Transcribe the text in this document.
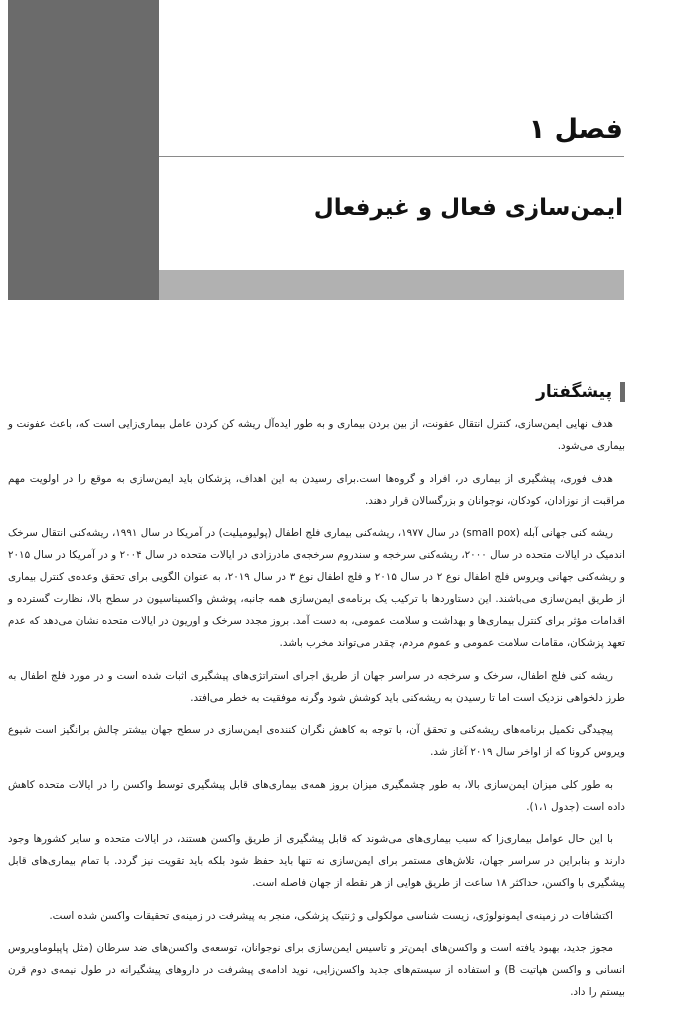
فصل ۱
ایمن‌سازی فعال و غیرفعال
پیشگفتار

هدف نهایی ایمن‌سازی، کنترل انتقال عفونت، از بین بردن بیماری و به طور ایده‌آل ریشه کن کردن عامل بیماری‌زایی است که، باعث عفونت و بیماری می‌شود.

هدف فوری، پیشگیری از بیماری در، افراد و گروه‌ها است.برای رسیدن به این اهداف، پزشکان باید ایمن‌سازی به موقع را در اولویت مهم مراقبت از نوزادان، کودکان، نوجوانان و بزرگسالان قرار دهند.

ریشه کنی جهانی آبله (small pox) در سال ۱۹۷۷، ریشه‌کنی بیماری فلج اطفال (پولیومیلیت) در آمریکا در سال ۱۹۹۱، ریشه‌کنی انتقال سرخک اندمیک در ایالات متحده در سال ۲۰۰۰، ریشه‌کنی سرخجه و سندروم سرخجه‌ی مادرزادی در ایالات متحده در سال ۲۰۰۴ و در آمریکا در سال ۲۰۱۵ و ریشه‌کنی جهانی ویروس فلج اطفال نوع ۲ در سال ۲۰۱۵ و فلج اطفال نوع ۳ در سال ۲۰۱۹، به عنوان الگویی برای تحقق وعده‌ی کنترل بیماری از طریق ایمن‌سازی می‌باشند. این دستاوردها با ترکیب یک برنامه‌ی ایمن‌سازی همه جانبه، پوشش واکسیناسیون در سطح بالا، نظارت گسترده و اقدامات مؤثر برای کنترل بیماری‌ها و بهداشت و سلامت عمومی، به دست آمد. بروز مجدد سرخک و اوریون در ایالات متحده نشان می‌دهد که عدم تعهد پزشکان، مقامات سلامت عمومی و عموم مردم، چقدر می‌تواند مخرب باشد.

ریشه کنی فلج اطفال، سرخک و سرخجه در سراسر جهان از طریق اجرای استراتژی‌های پیشگیری اثبات شده است و در مورد فلج اطفال به طرز دلخواهی نزدیک است اما تا رسیدن به ریشه‌کنی باید کوشش شود وگرنه موفقیت به خطر می‌افتد.

پیچیدگی تکمیل برنامه‌های ریشه‌کنی و تحقق آن، با توجه به کاهش نگران کننده‌ی ایمن‌سازی در سطح جهان بیشتر چالش برانگیز است شیوع ویروس کرونا که از اواخر سال ۲۰۱۹ آغاز شد.

به طور کلی میزان ایمن‌سازی بالا، به طور چشمگیری میزان بروز همه‌ی بیماری‌های قابل پیشگیری توسط واکسن را در ایالات متحده کاهش داده است (جدول ۱،۱).

با این حال عوامل بیماری‌زا که سبب بیماری‌های می‌شوند که قابل پیشگیری از طریق واکسن هستند، در ایالات متحده و سایر کشورها وجود دارند و بنابراین در سراسر جهان، تلاش‌های مستمر برای ایمن‌سازی نه تنها باید حفظ شود بلکه باید تقویت نیز گردد. با تمام بیماری‌های قابل پیشگیری با واکسن، حداکثر ۱۸ ساعت از طریق هوایی از هر نقطه از جهان فاصله است.

اکتشافات در زمینه‌ی ایمونولوژی، زیست شناسی مولکولی و ژنتیک پزشکی، منجر به پیشرفت در زمینه‌ی تحقیقات واکسن شده است.

مجوز جدید، بهبود یافته است و واکسن‌های ایمن‌تر و تاسیس ایمن‌سازی برای نوجوانان، توسعه‌ی واکسن‌های ضد سرطان (مثل پاپیلوماویروس انسانی و واکسن هپاتیت B) و استفاده از سیستم‌های جدید واکسن‌زایی، نوید ادامه‌ی پیشرفت در داروهای پیشگیرانه در طول نیمه‌ی دوم قرن بیستم را داد.
